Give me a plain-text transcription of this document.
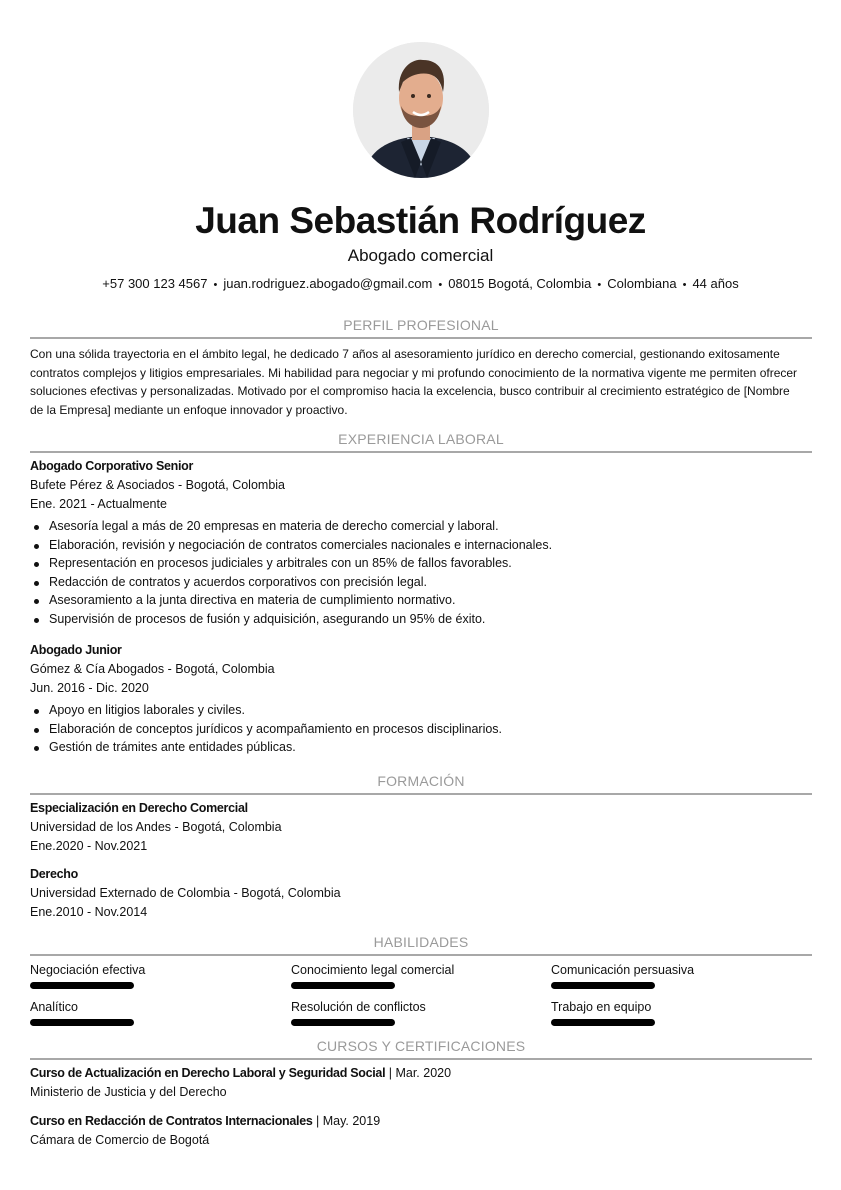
Juan Sebastián Rodríguez
Abogado comercial
+57 300 123 4567 • juan.rodriguez.abogado@gmail.com • 08015 Bogotá, Colombia • Colombiana • 44 años
PERFIL PROFESIONAL
Con una sólida trayectoria en el ámbito legal, he dedicado 7 años al asesoramiento jurídico en derecho comercial, gestionando exitosamente
contratos complejos y litigios empresariales. Mi habilidad para negociar y mi profundo conocimiento de la normativa vigente me permiten ofrecer
soluciones efectivas y personalizadas. Motivado por el compromiso hacia la excelencia, busco contribuir al crecimiento estratégico de [Nombre
de la Empresa] mediante un enfoque innovador y proactivo.
EXPERIENCIA LABORAL
Abogado Corporativo Senior
Bufete Pérez & Asociados - Bogotá, Colombia
Ene. 2021 - Actualmente
Asesoría legal a más de 20 empresas en materia de derecho comercial y laboral.
Elaboración, revisión y negociación de contratos comerciales nacionales e internacionales.
Representación en procesos judiciales y arbitrales con un 85% de fallos favorables.
Redacción de contratos y acuerdos corporativos con precisión legal.
Asesoramiento a la junta directiva en materia de cumplimiento normativo.
Supervisión de procesos de fusión y adquisición, asegurando un 95% de éxito.
Abogado Junior
Gómez & Cía Abogados - Bogotá, Colombia
Jun. 2016 - Dic. 2020
Apoyo en litigios laborales y civiles.
Elaboración de conceptos jurídicos y acompañamiento en procesos disciplinarios.
Gestión de trámites ante entidades públicas.
FORMACIÓN
Especialización en Derecho Comercial
Universidad de los Andes - Bogotá, Colombia
Ene.2020 - Nov.2021
Derecho
Universidad Externado de Colombia - Bogotá, Colombia
Ene.2010 - Nov.2014
HABILIDADES
Negociación efectiva	Conocimiento legal comercial	Comunicación persuasiva
Analítico	Resolución de conflictos	Trabajo en equipo
CURSOS Y CERTIFICACIONES
Curso de Actualización en Derecho Laboral y Seguridad Social | Mar. 2020
Ministerio de Justicia y del Derecho
Curso en Redacción de Contratos Internacionales | May. 2019
Cámara de Comercio de Bogotá
